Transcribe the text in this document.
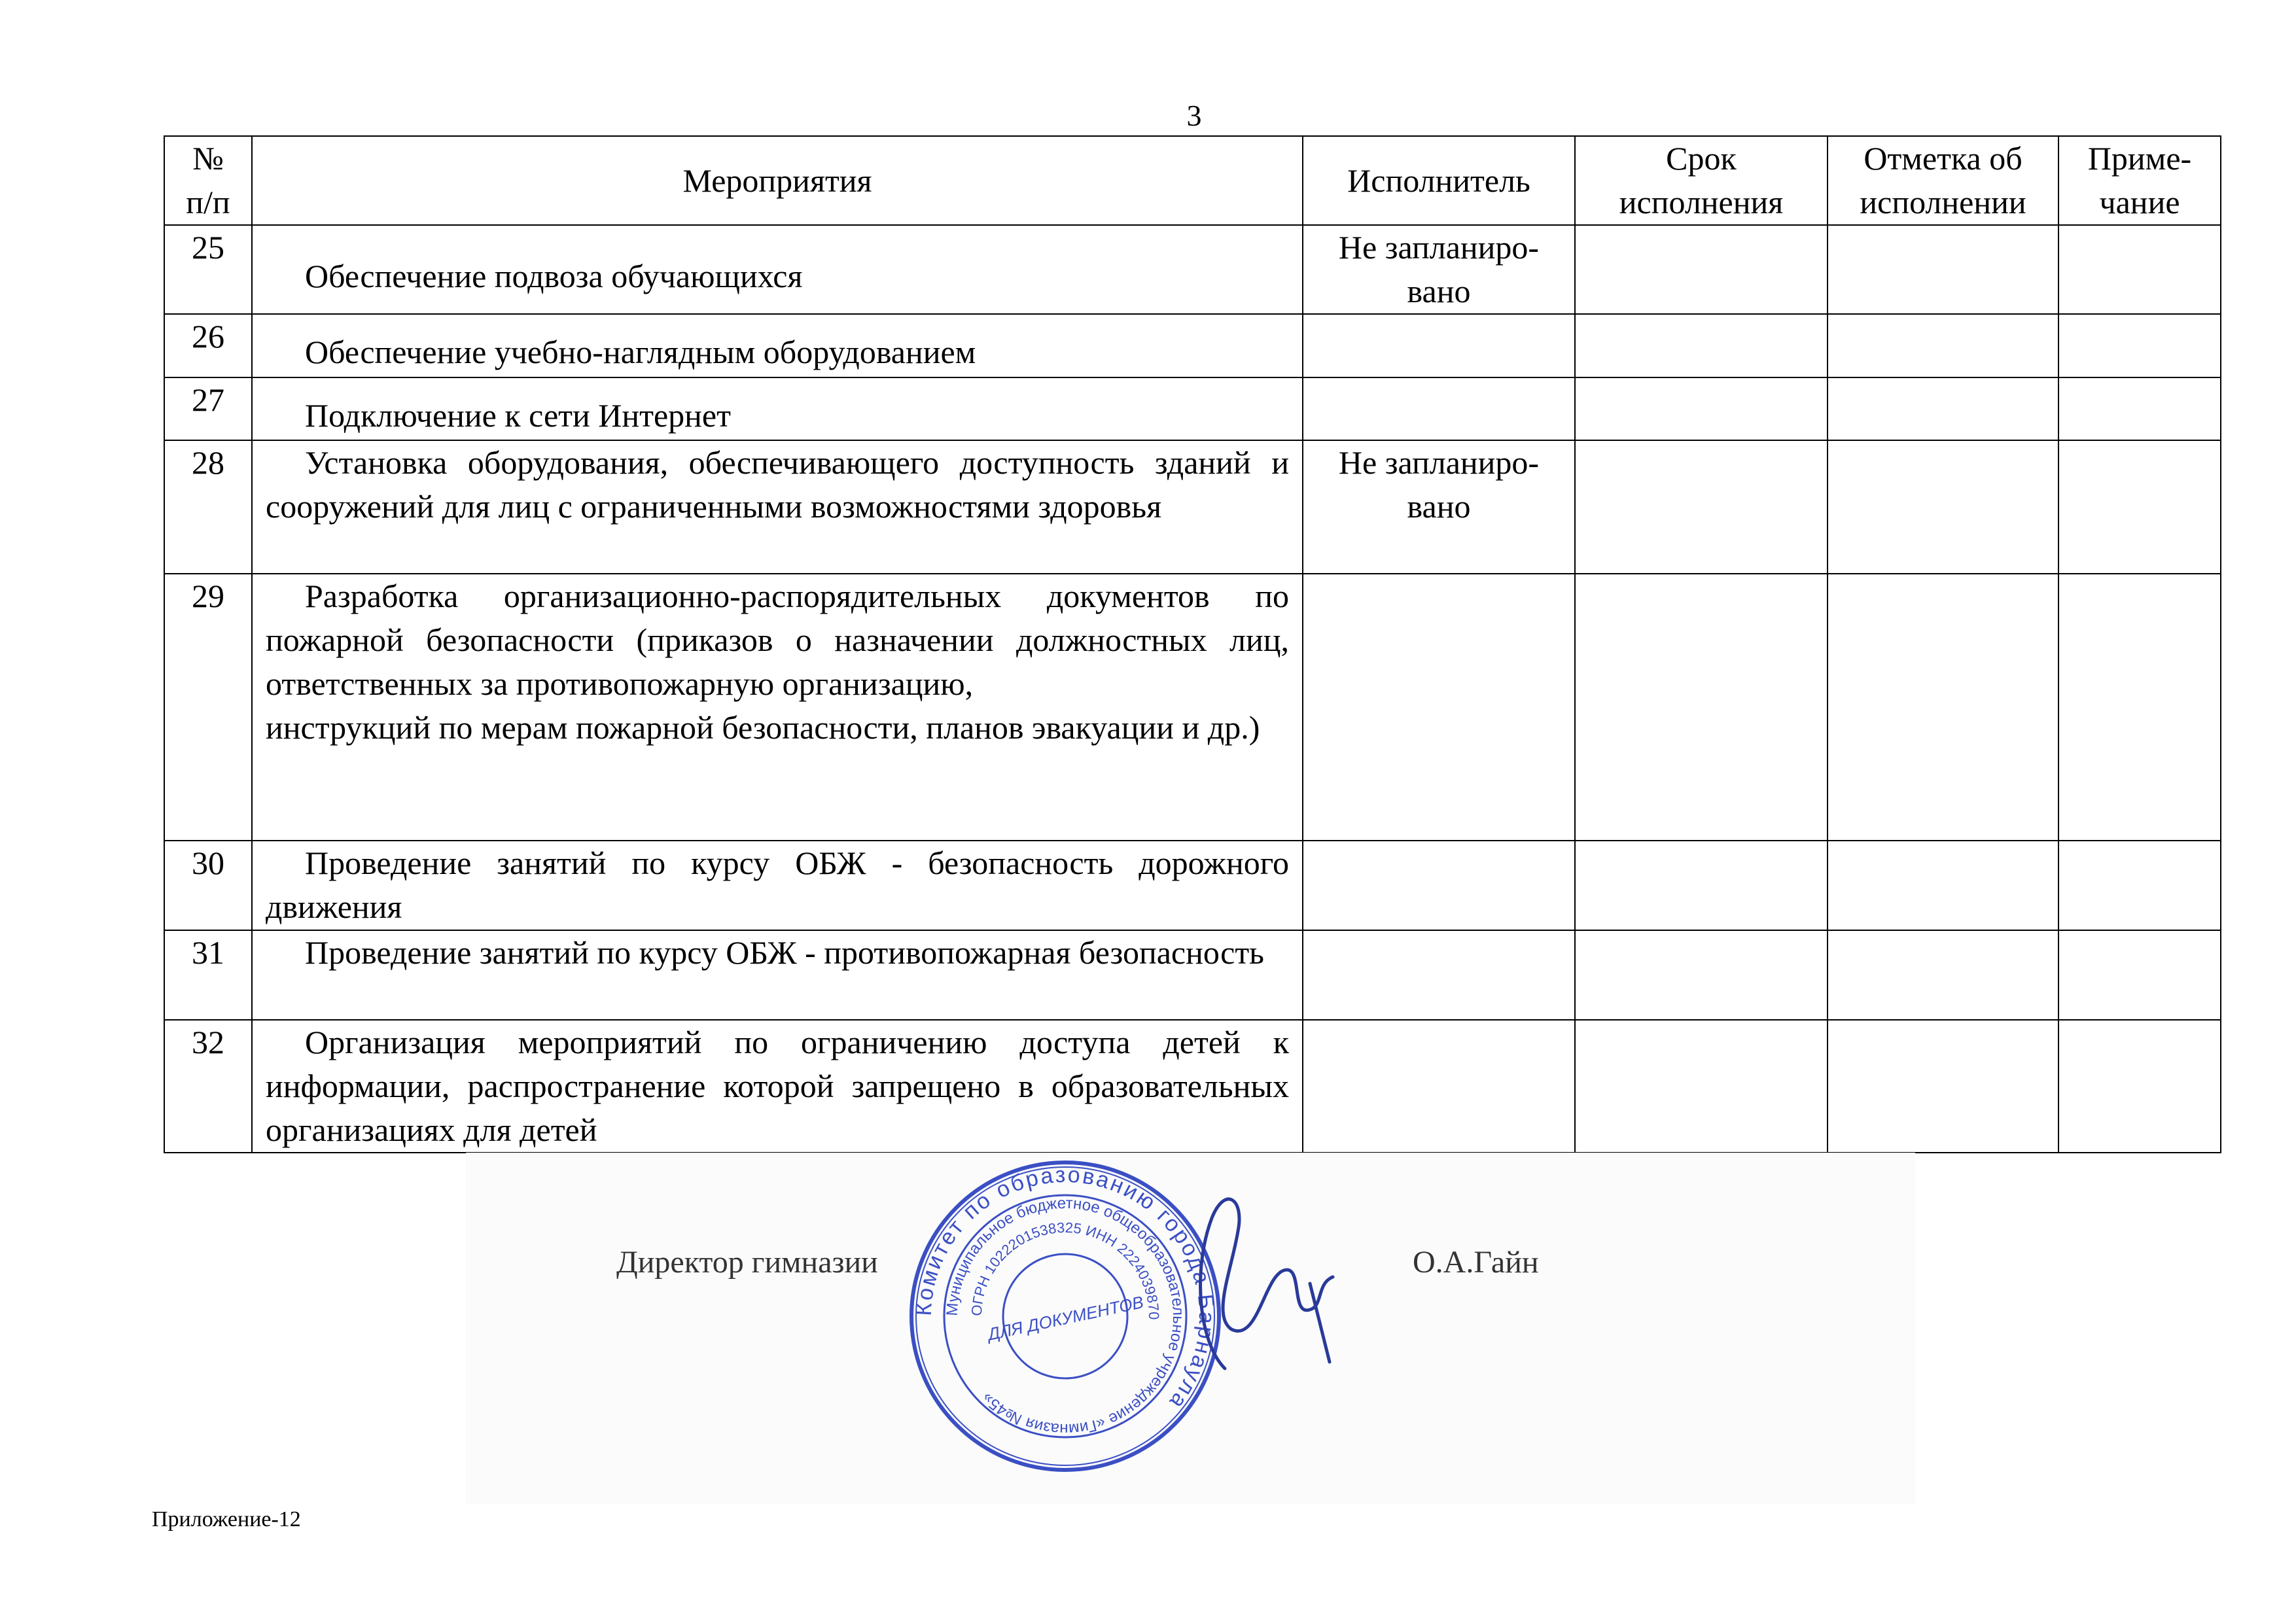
3
№ п/п	Мероприятия	Исполнитель	Срок исполнения	Отметка об исполнении	Приме-чание
25	Обеспечение подвоза обучающихся	Не запланиро-вано			
26	Обеспечение учебно-наглядным оборудованием				

27	Подключение к сети Интернет				

28	Установка оборудования, обеспечивающего доступность зданий и сооружений для лиц с ограниченными возможностями здоровья	Не запланиро-вано			
29	Разработка организационно-распорядительных документов по пожарной безопасности (приказов о назначении должностных лиц, ответственных за противопожарную организацию,
инструкций по мерам пожарной безопасности, планов эвакуации и др.)				

30	Проведение занятий по курсу ОБЖ - безопасность дорожного движения				

31	Проведение занятий по курсу ОБЖ - противопожарная безопасность				

32	Организация мероприятий по ограничению доступа детей к информации, распространение которой запрещено в образовательных организациях для детей				

Директор гимназии
Комитет по образованию города Барнаула
Муниципальное бюджетное общеобразовательное учреждение «Гимназия №45»
ОГРН 1022201538325 ИНН 2224039870
ДЛЯ ДОКУМЕНТОВ
О.А.Гайн
Приложение-12
